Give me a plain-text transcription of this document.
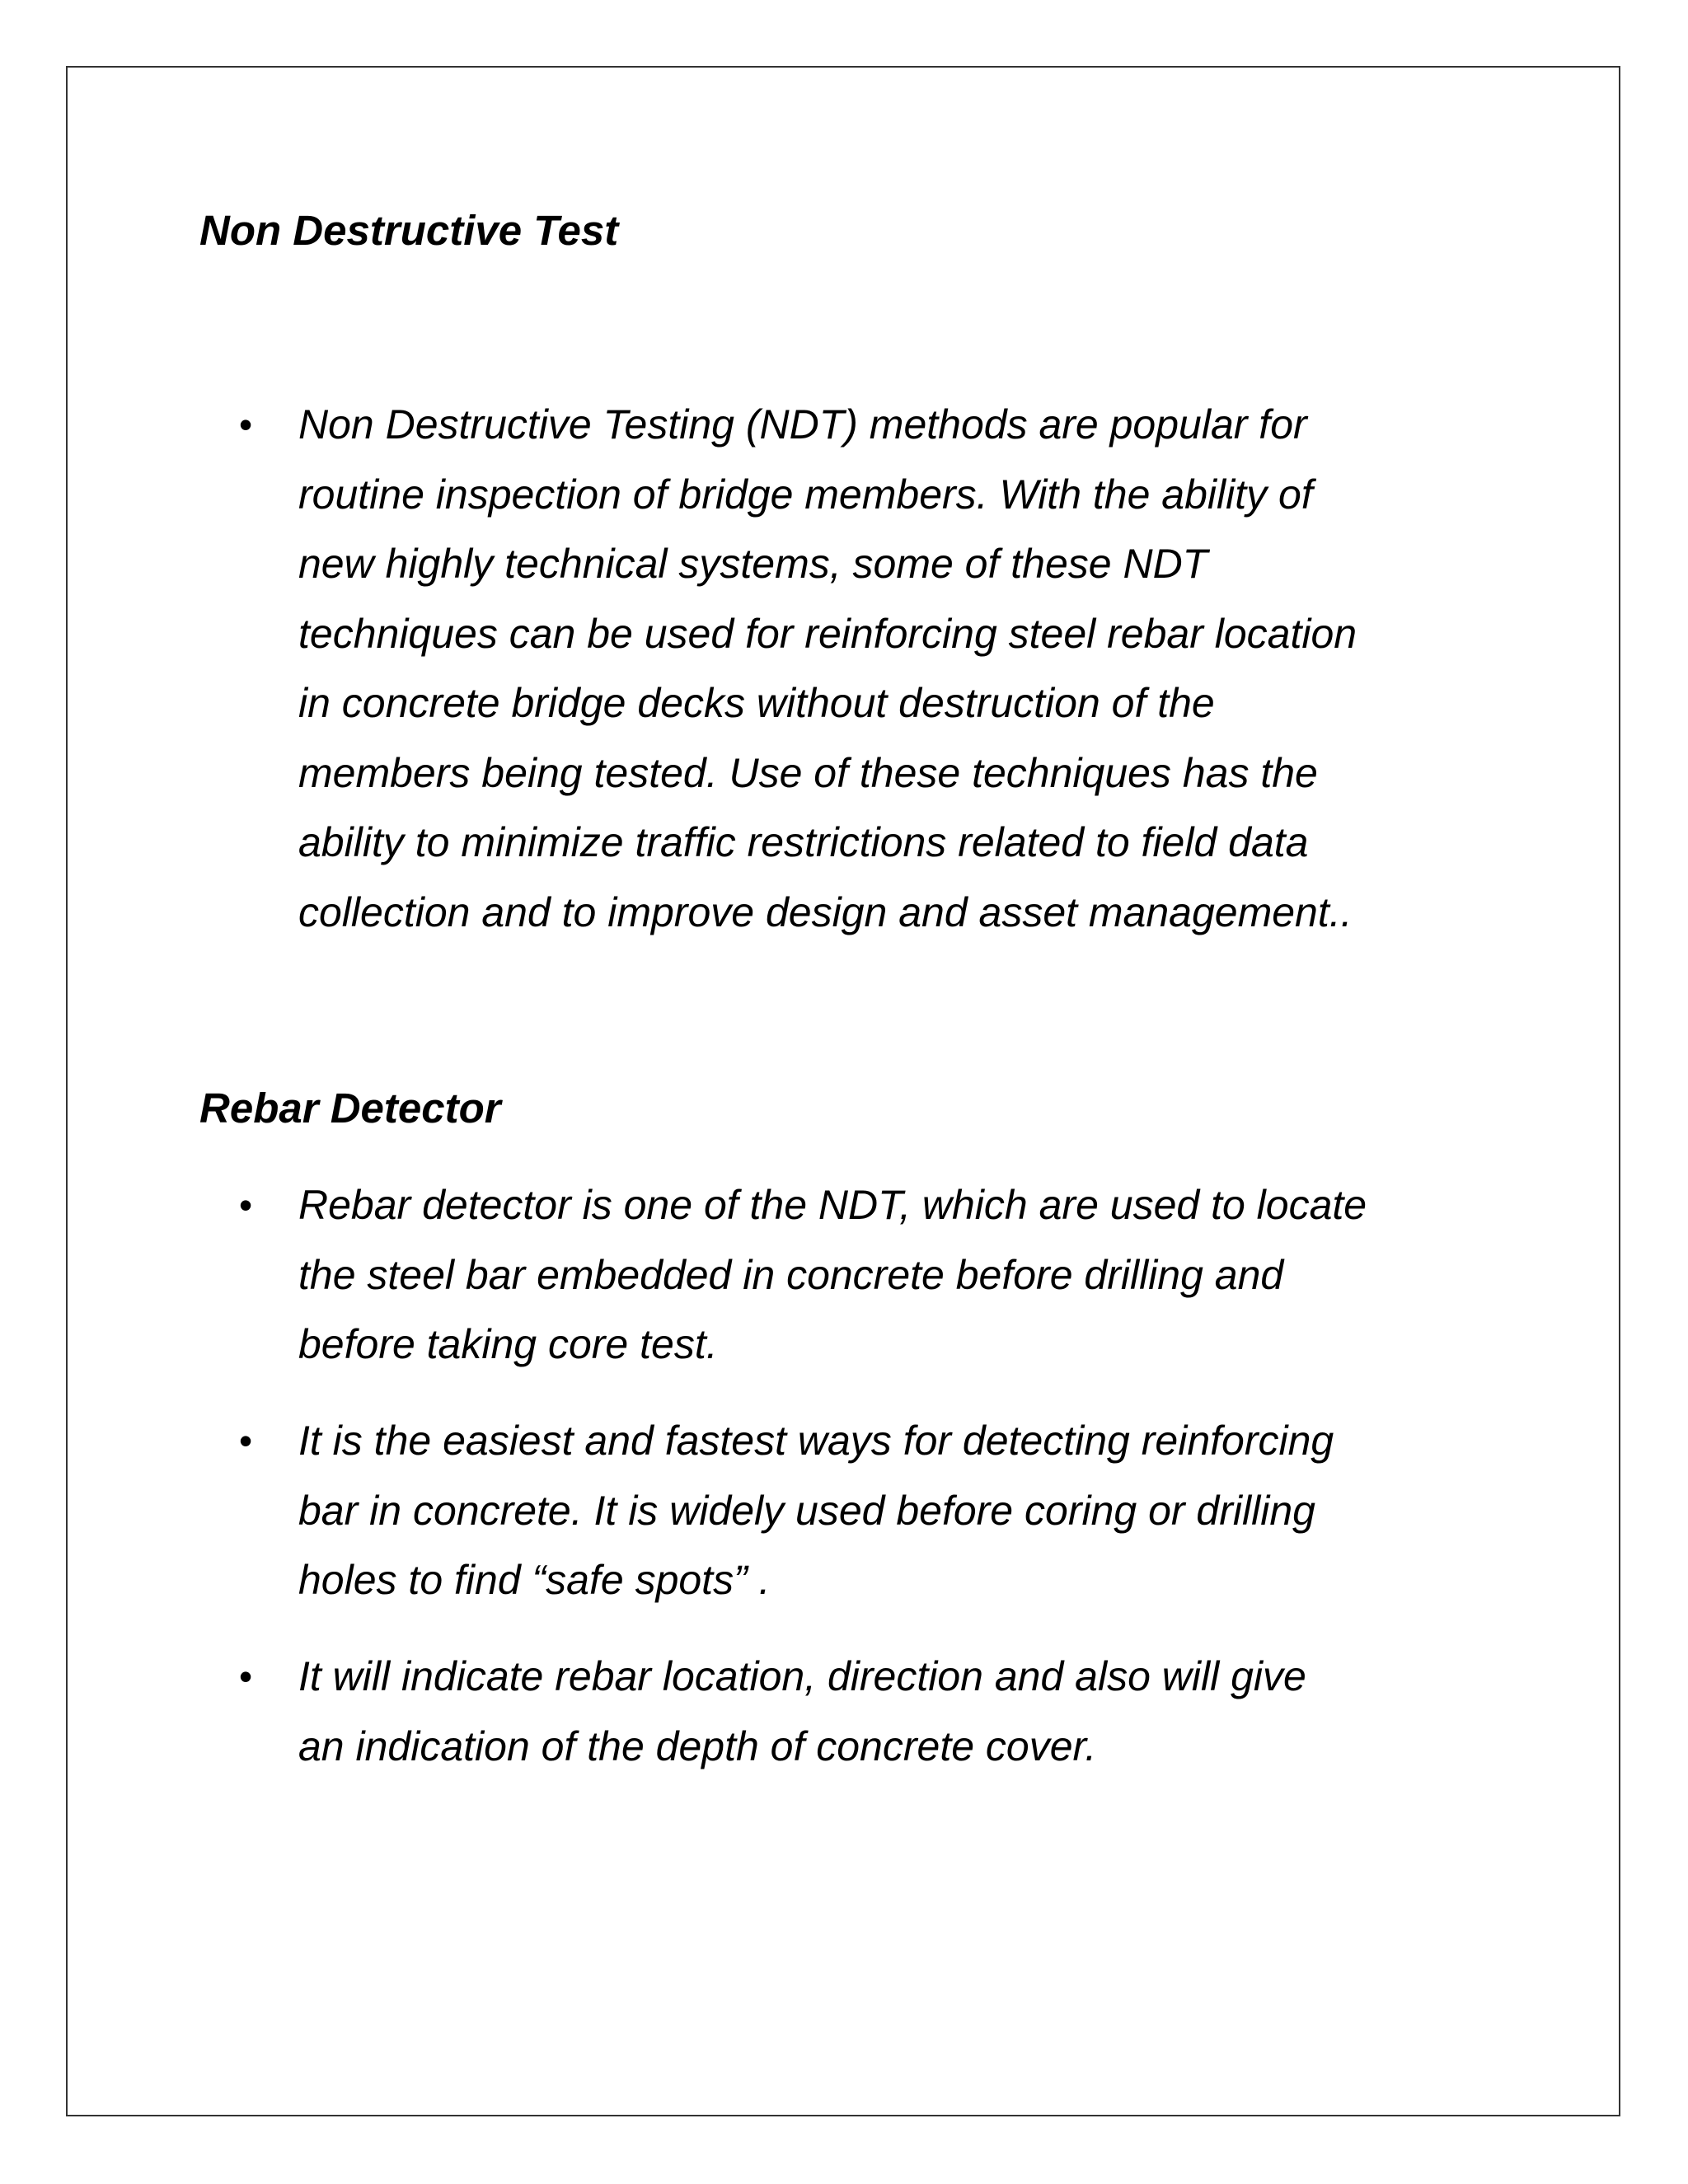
Non Destructive Test
•	Non Destructive Testing (NDT) methods are popular for
routine inspection of bridge members. With the ability of
new highly technical systems, some of these NDT
techniques can be used for reinforcing steel rebar location
in concrete bridge decks without destruction of the
members being tested. Use of these techniques has the
ability to minimize traffic restrictions related to field data
collection and to improve design and asset management..

Rebar Detector
•	Rebar detector is one of the NDT, which are used to locate
the steel bar embedded in concrete before drilling and
before taking core test.

•	It is the easiest and fastest ways for detecting reinforcing
bar in concrete. It is widely used before coring or drilling
holes to find “safe spots” .

•	It will indicate rebar location, direction and also will give
an indication of the depth of concrete cover.
